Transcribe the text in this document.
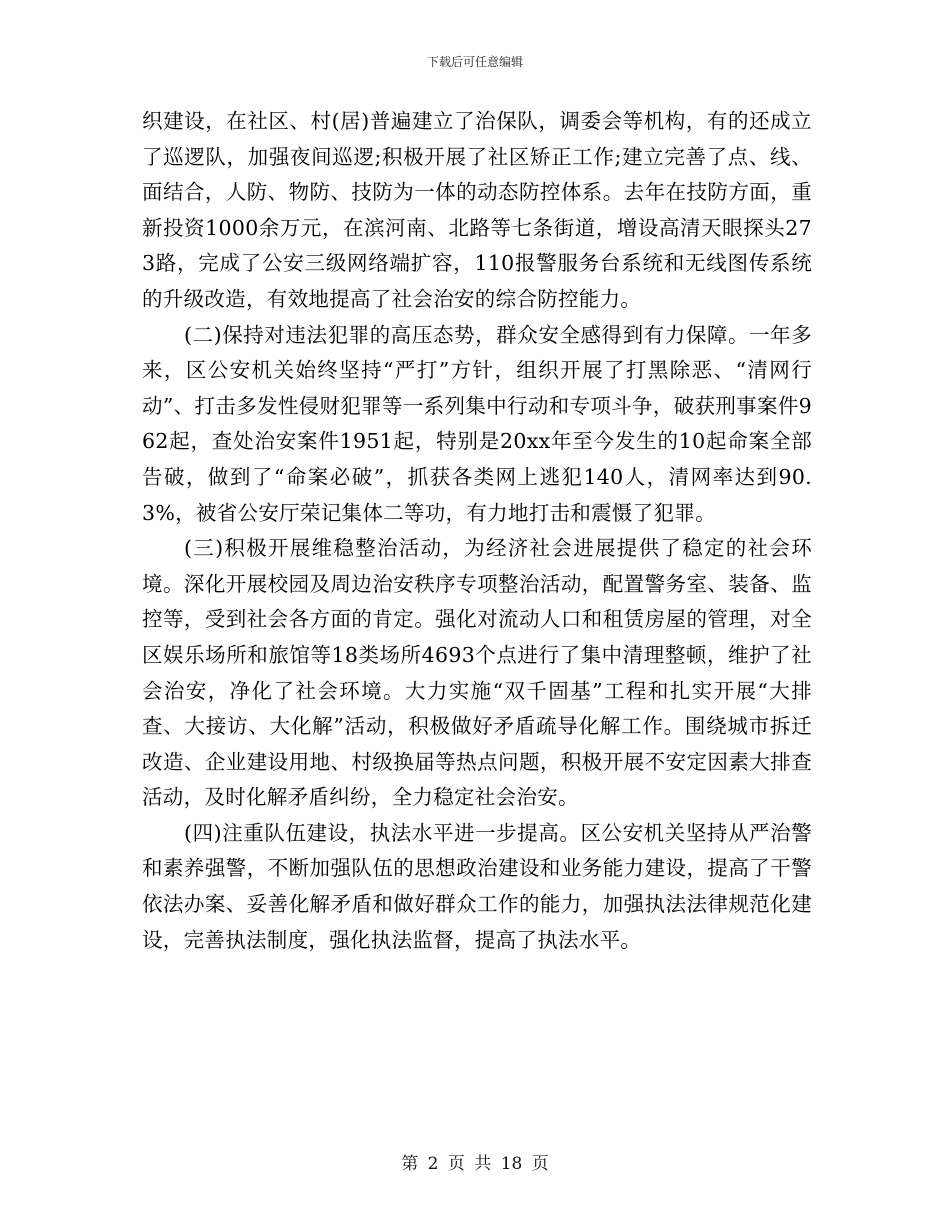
下载后可任意编辑

织建设，在社区、村(居)普遍建立了治保队，调委会等机构，有的还成立了巡逻队，加强夜间巡逻;积极开展了社区矫正工作;建立完善了点、线、面结合，人防、物防、技防为一体的动态防控体系。去年在技防方面，重新投资1000余万元，在滨河南、北路等七条街道，增设高清天眼探头273路，完成了公安三级网络端扩容，110报警服务台系统和无线图传系统的升级改造，有效地提高了社会治安的综合防控能力。

(二)保持对违法犯罪的高压态势，群众安全感得到有力保障。一年多来，区公安机关始终坚持“严打”方针，组织开展了打黑除恶、“清网行动”、打击多发性侵财犯罪等一系列集中行动和专项斗争，破获刑事案件962起，查处治安案件1951起，特别是20xx年至今发生的10起命案全部告破，做到了“命案必破”，抓获各类网上逃犯140人，清网率达到90.3%，被省公安厅荣记集体二等功，有力地打击和震慑了犯罪。

(三)积极开展维稳整治活动，为经济社会进展提供了稳定的社会环境。深化开展校园及周边治安秩序专项整治活动，配置警务室、装备、监控等，受到社会各方面的肯定。强化对流动人口和租赁房屋的管理，对全区娱乐场所和旅馆等18类场所4693个点进行了集中清理整顿，维护了社会治安，净化了社会环境。大力实施“双千固基”工程和扎实开展“大排查、大接访、大化解”活动，积极做好矛盾疏导化解工作。围绕城市拆迁改造、企业建设用地、村级换届等热点问题，积极开展不安定因素大排查活动，及时化解矛盾纠纷，全力稳定社会治安。

(四)注重队伍建设，执法水平进一步提高。区公安机关坚持从严治警和素养强警，不断加强队伍的思想政治建设和业务能力建设，提高了干警依法办案、妥善化解矛盾和做好群众工作的能力，加强执法法律规范化建设，完善执法制度，强化执法监督，提高了执法水平。

第 2 页 共 18 页
